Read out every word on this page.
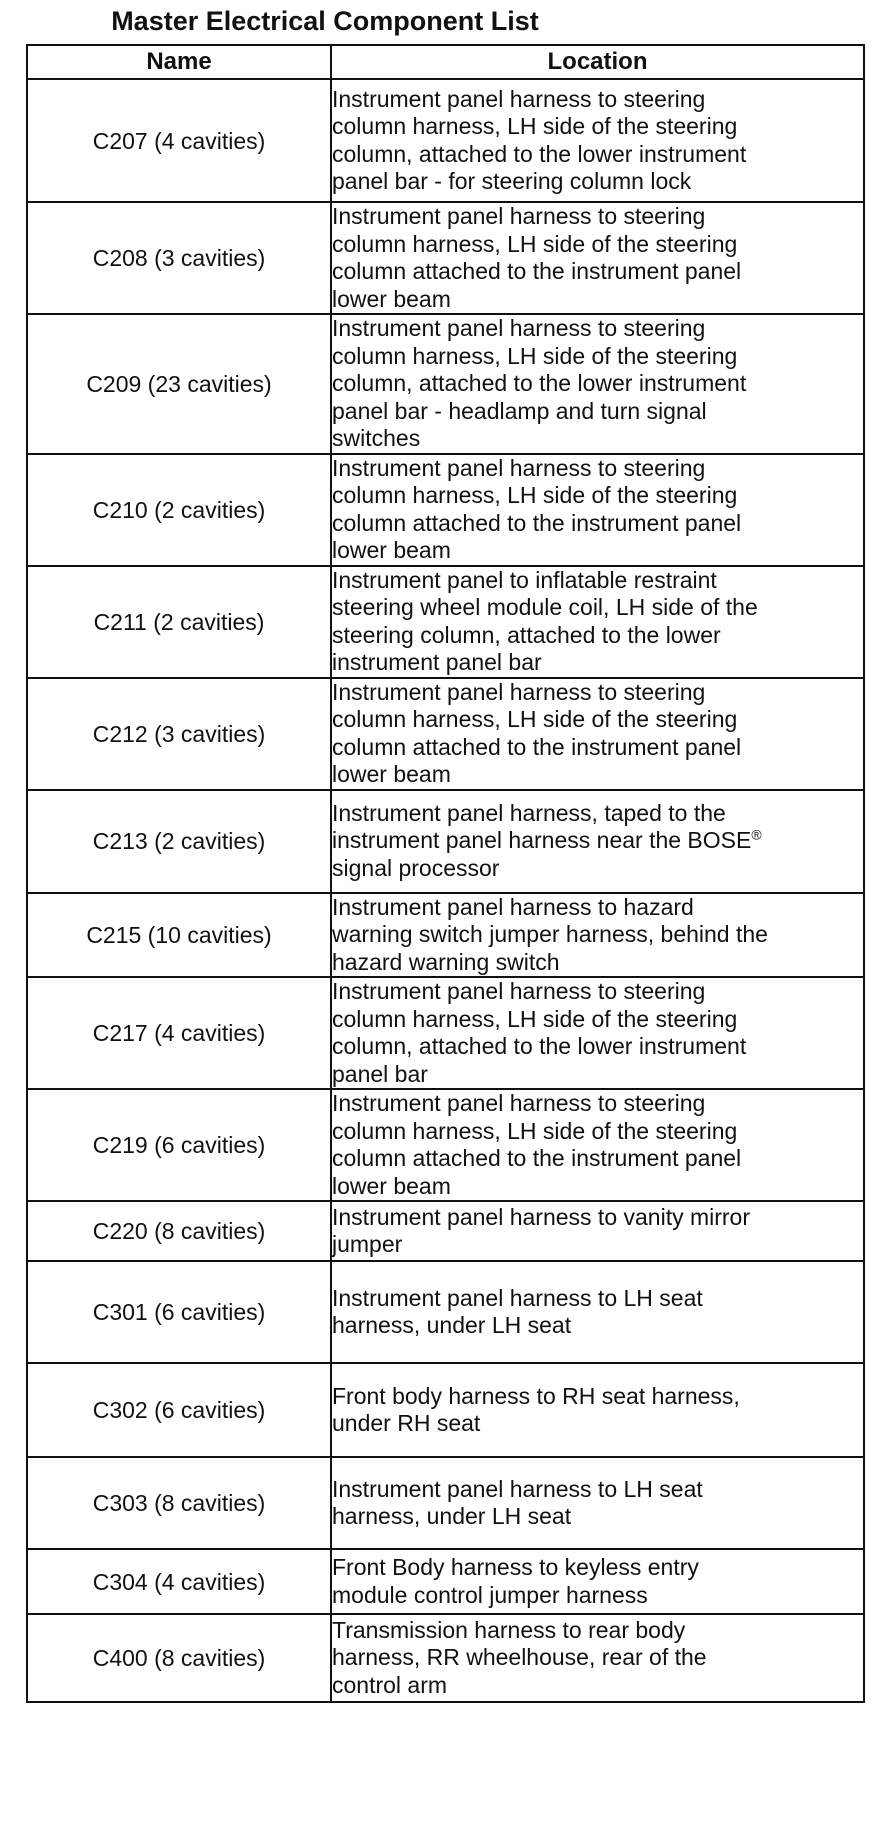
Master Electrical Component List
Name	Location
C207 (4 cavities)	Instrument panel harness to steering
column harness, LH side of the steering
column, attached to the lower instrument
panel bar - for steering column lock

C208 (3 cavities)	Instrument panel harness to steering
column harness, LH side of the steering
column attached to the instrument panel
lower beam

C209 (23 cavities)	Instrument panel harness to steering
column harness, LH side of the steering
column, attached to the lower instrument
panel bar - headlamp and turn signal
switches

C210 (2 cavities)	Instrument panel harness to steering
column harness, LH side of the steering
column attached to the instrument panel
lower beam

C211 (2 cavities)	Instrument panel to inflatable restraint
steering wheel module coil, LH side of the
steering column, attached to the lower
instrument panel bar

C212 (3 cavities)	Instrument panel harness to steering
column harness, LH side of the steering
column attached to the instrument panel
lower beam

C213 (2 cavities)	Instrument panel harness, taped to the
instrument panel harness near the BOSE®
signal processor

C215 (10 cavities)	Instrument panel harness to hazard
warning switch jumper harness, behind the
hazard warning switch

C217 (4 cavities)	Instrument panel harness to steering
column harness, LH side of the steering
column, attached to the lower instrument
panel bar

C219 (6 cavities)	Instrument panel harness to steering
column harness, LH side of the steering
column attached to the instrument panel
lower beam

C220 (8 cavities)	Instrument panel harness to vanity mirror
jumper

C301 (6 cavities)	Instrument panel harness to LH seat
harness, under LH seat

C302 (6 cavities)	Front body harness to RH seat harness,
under RH seat

C303 (8 cavities)	Instrument panel harness to LH seat
harness, under LH seat

C304 (4 cavities)	Front Body harness to keyless entry
module control jumper harness

C400 (8 cavities)	Transmission harness to rear body
harness, RR wheelhouse, rear of the
control arm
